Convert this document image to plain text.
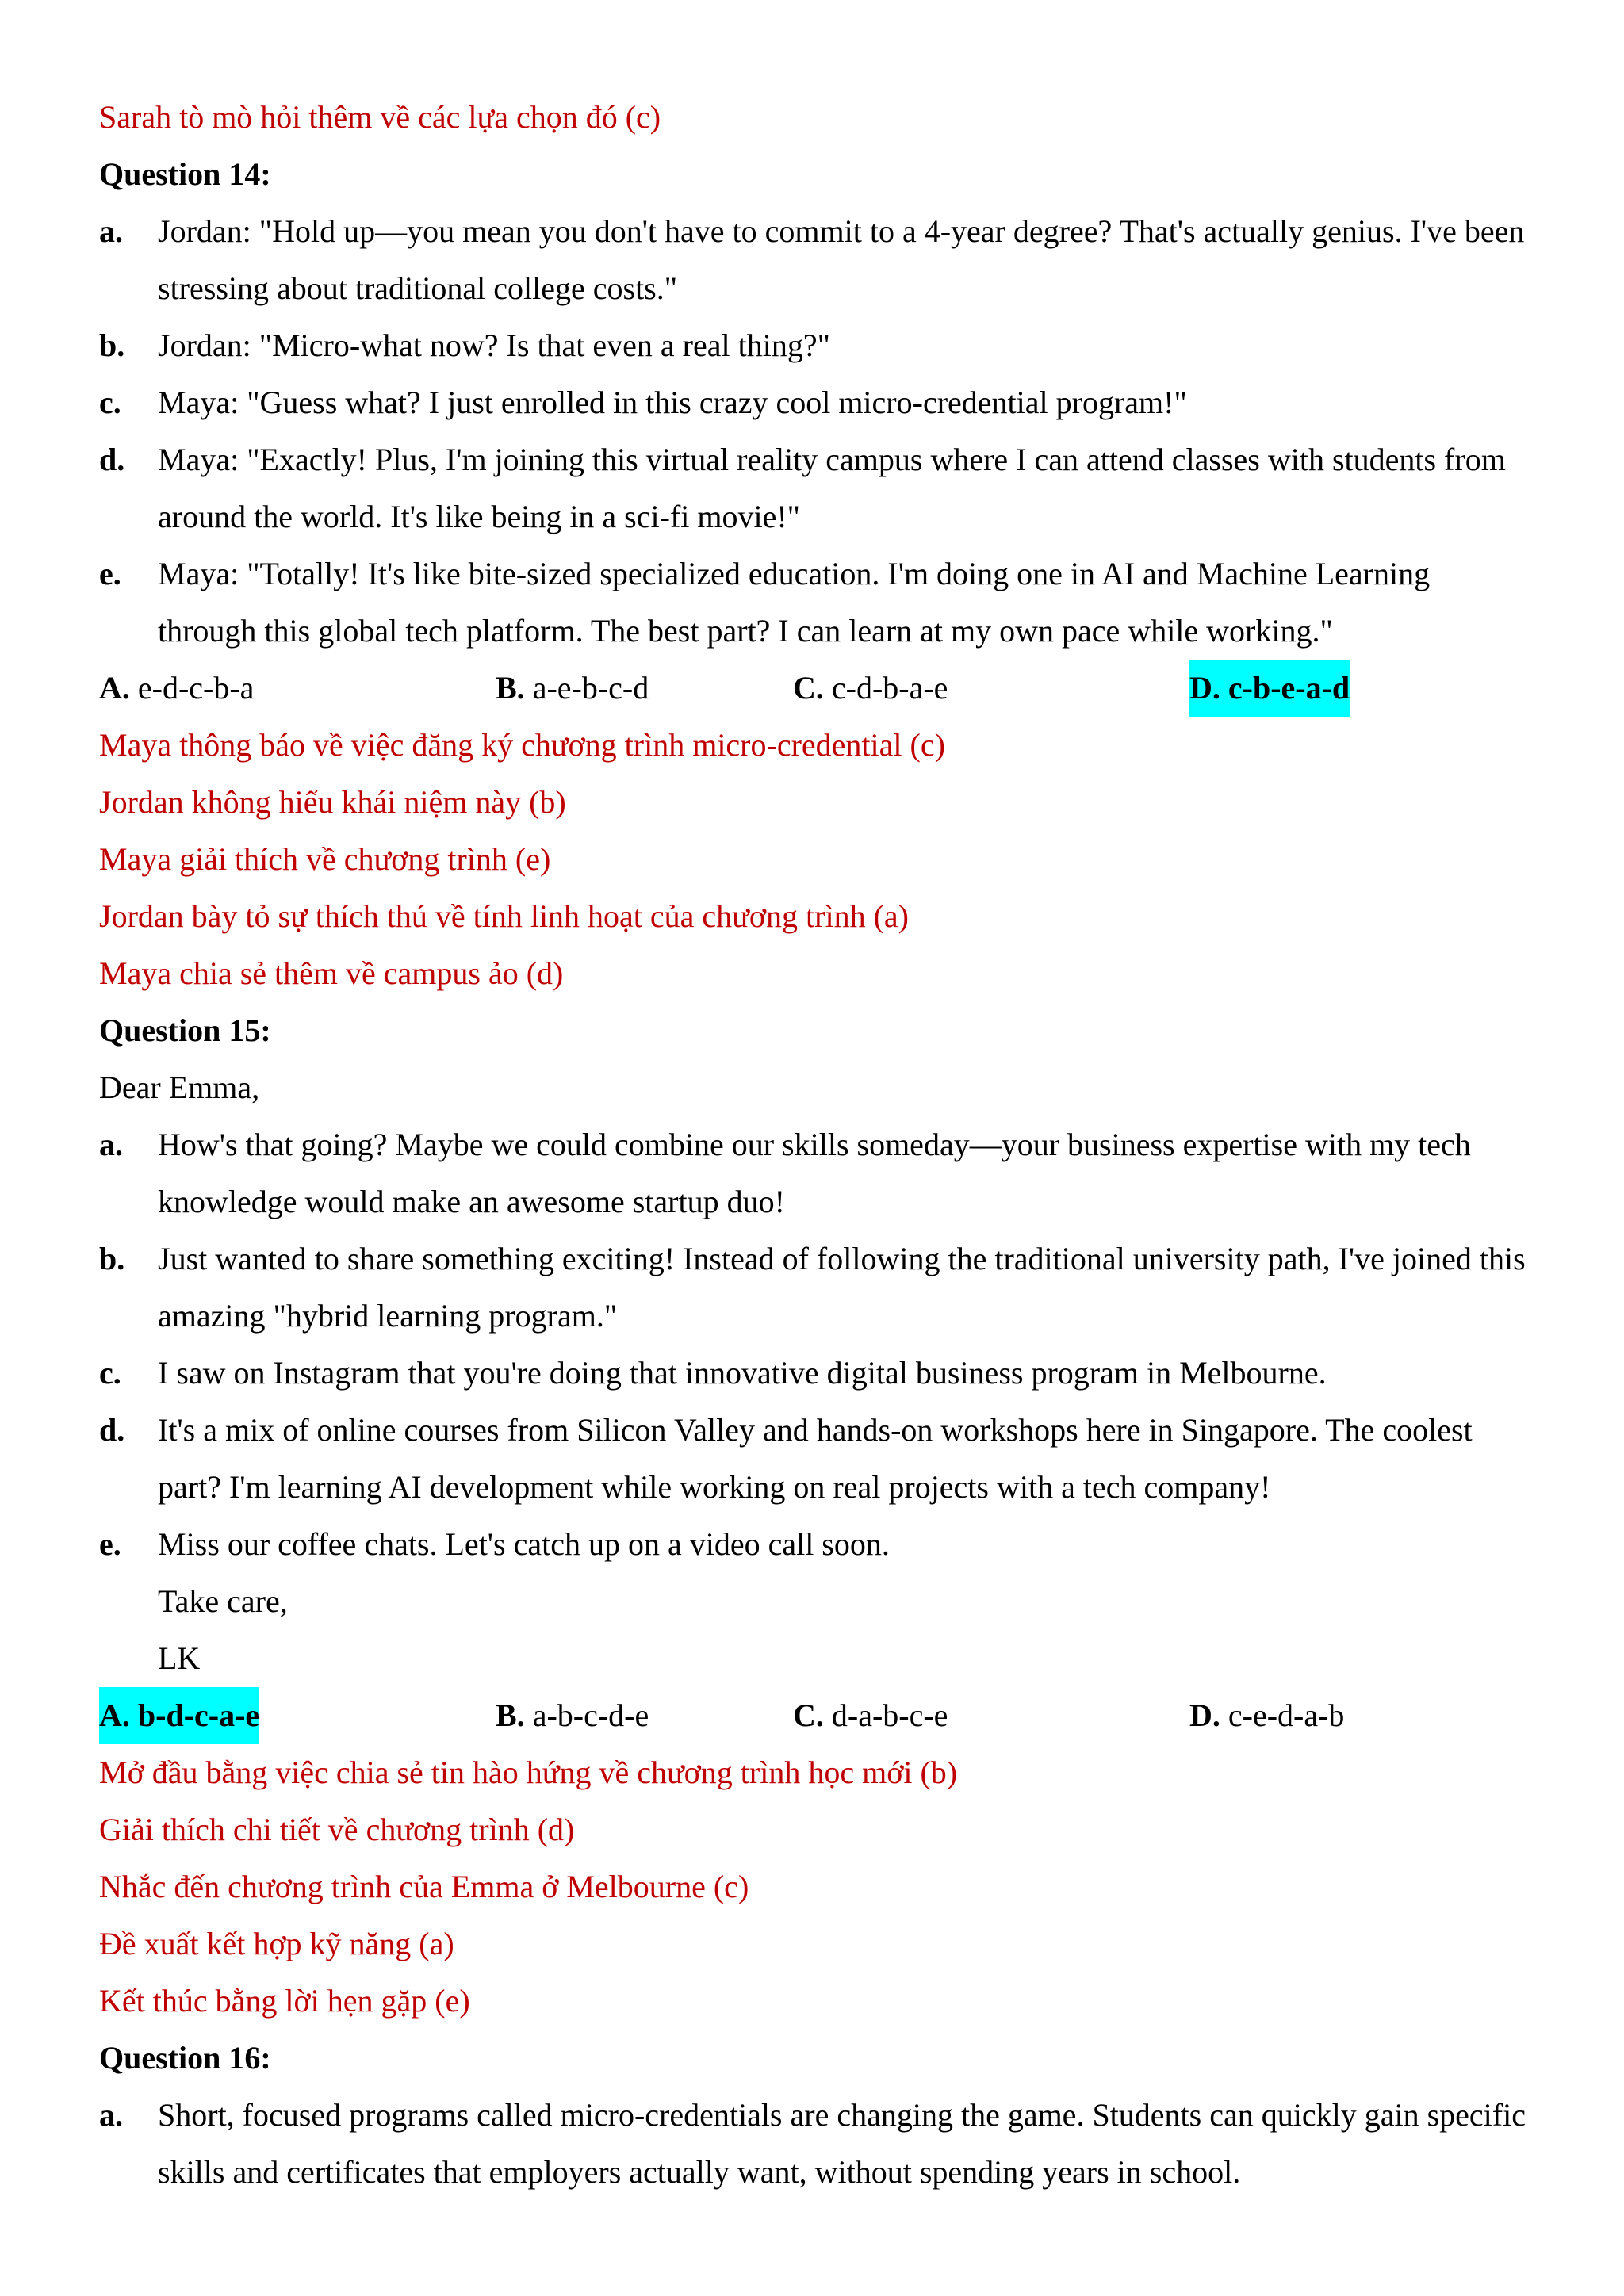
Sarah tò mò hỏi thêm về các lựa chọn đó (c)
Question 14:
a. Jordan: "Hold up—you mean you don't have to commit to a 4-year degree? That's actually genius. I've been stressing about traditional college costs."
b. Jordan: "Micro-what now? Is that even a real thing?"
c. Maya: "Guess what? I just enrolled in this crazy cool micro-credential program!"
d. Maya: "Exactly! Plus, I'm joining this virtual reality campus where I can attend classes with students from around the world. It's like being in a sci-fi movie!"
e. Maya: "Totally! It's like bite-sized specialized education. I'm doing one in AI and Machine Learning through this global tech platform. The best part? I can learn at my own pace while working."
A. e-d-c-b-a	B. a-e-b-c-d	C. c-d-b-a-e	D. c-b-e-a-d
Maya thông báo về việc đăng ký chương trình micro-credential (c)
Jordan không hiểu khái niệm này (b)
Maya giải thích về chương trình (e)
Jordan bày tỏ sự thích thú về tính linh hoạt của chương trình (a)
Maya chia sẻ thêm về campus ảo (d)
Question 15:
Dear Emma,
a. How's that going? Maybe we could combine our skills someday—your business expertise with my tech knowledge would make an awesome startup duo!
b. Just wanted to share something exciting! Instead of following the traditional university path, I've joined this amazing "hybrid learning program."
c. I saw on Instagram that you're doing that innovative digital business program in Melbourne.
d. It's a mix of online courses from Silicon Valley and hands-on workshops here in Singapore. The coolest part? I'm learning AI development while working on real projects with a tech company!
e. Miss our coffee chats. Let's catch up on a video call soon.
Take care,
LK
A. b-d-c-a-e	B. a-b-c-d-e	C. d-a-b-c-e	D. c-e-d-a-b
Mở đầu bằng việc chia sẻ tin hào hứng về chương trình học mới (b)
Giải thích chi tiết về chương trình (d)
Nhắc đến chương trình của Emma ở Melbourne (c)
Đề xuất kết hợp kỹ năng (a)
Kết thúc bằng lời hẹn gặp (e)
Question 16:
a. Short, focused programs called micro-credentials are changing the game. Students can quickly gain specific skills and certificates that employers actually want, without spending years in school.
